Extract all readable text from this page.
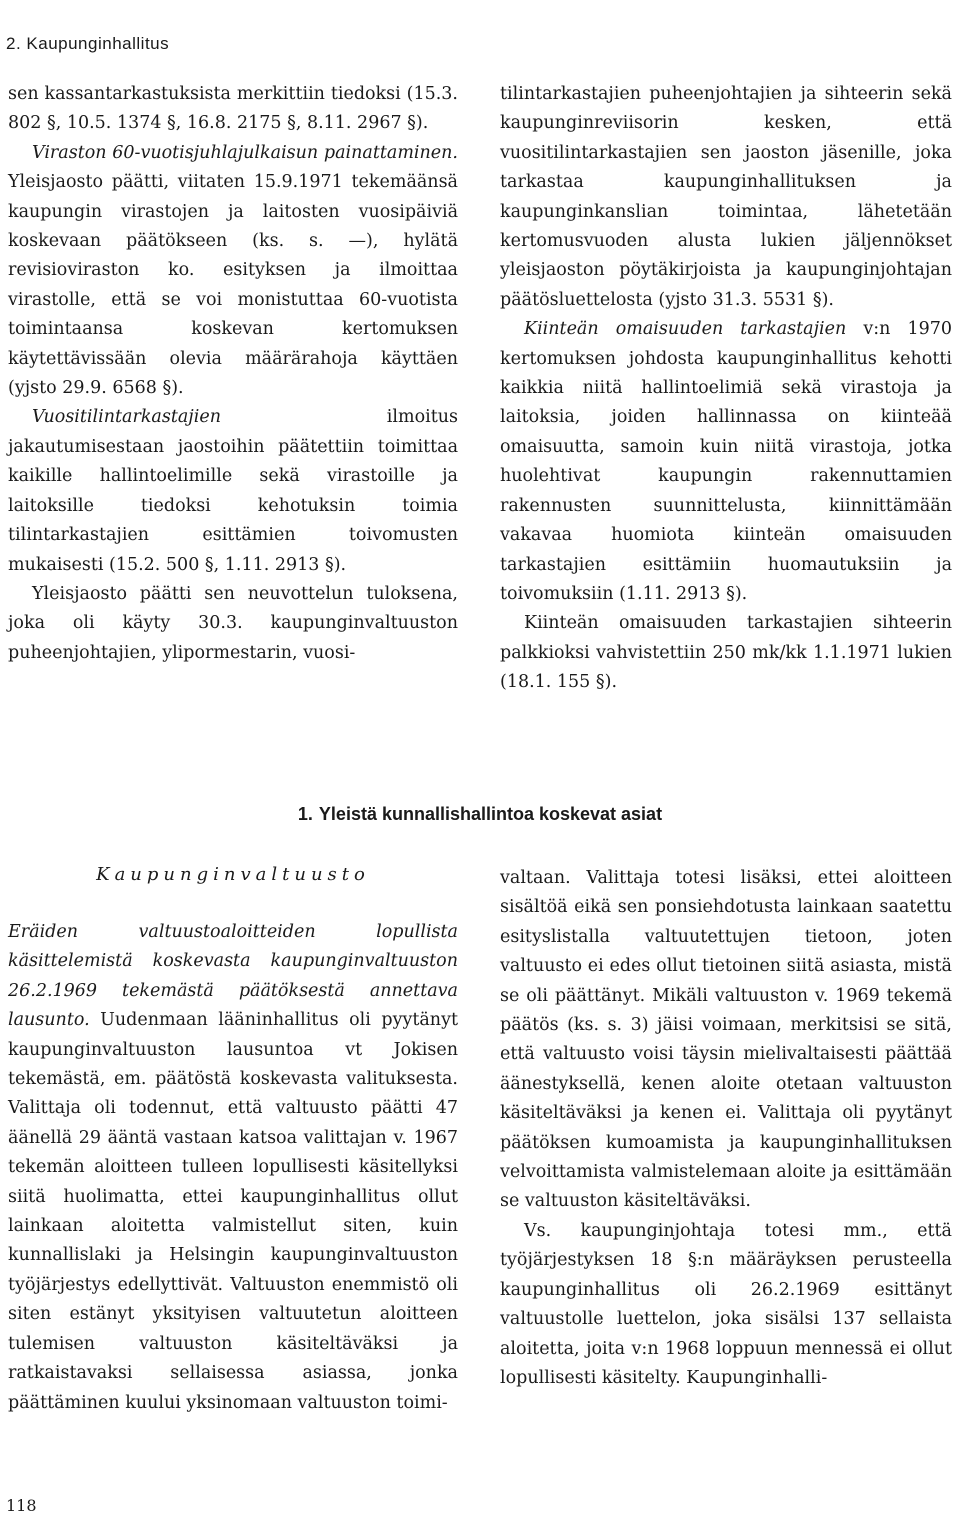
2. Kaupunginhallitus

sen kassantarkastuksista merkittiin tiedoksi (15.3. 802 §, 10.5. 1374 §, 16.8. 2175 §, 8.11. 2967 §).

Viraston 60-vuotisjuhlajulkaisun painattaminen. Yleisjaosto päätti, viitaten 15.9.1971 tekemäänsä kaupungin virastojen ja laitosten vuosipäiviä koskevaan päätökseen (ks. s. —), hylätä revisioviraston ko. esityksen ja ilmoittaa virastolle, että se voi monistuttaa 60-vuotista toimintaansa koskevan kertomuksen käytettävissään olevia määrärahoja käyttäen (yjsto 29.9. 6568 §).

Vuositilintarkastajien ilmoitus jakautumisestaan jaostoihin päätettiin toimittaa kaikille hallintoelimille sekä virastoille ja laitoksille tiedoksi kehotuksin toimia tilintarkastajien esittämien toivomusten mukaisesti (15.2. 500 §, 1.11. 2913 §).

Yleisjaosto päätti sen neuvottelun tuloksena, joka oli käyty 30.3. kaupunginvaltuuston puheenjohtajien, ylipormestarin, vuosi-

tilintarkastajien puheenjohtajien ja sihteerin sekä kaupunginreviisorin kesken, että vuositilintarkastajien sen jaoston jäsenille, joka tarkastaa kaupunginhallituksen ja kaupunginkanslian toimintaa, lähetetään kertomusvuoden alusta lukien jäljennökset yleisjaoston pöytäkirjoista ja kaupunginjohtajan päätösluettelosta (yjsto 31.3. 5531 §).

Kiinteän omaisuuden tarkastajien v:n 1970 kertomuksen johdosta kaupunginhallitus kehotti kaikkia niitä hallintoelimiä sekä virastoja ja laitoksia, joiden hallinnassa on kiinteää omaisuutta, samoin kuin niitä virastoja, jotka huolehtivat kaupungin rakennuttamien rakennusten suunnittelusta, kiinnittämään vakavaa huomiota kiinteän omaisuuden tarkastajien esittämiin huomautuksiin ja toivomuksiin (1.11. 2913 §).

Kiinteän omaisuuden tarkastajien sihteerin palkkioksi vahvistettiin 250 mk/kk 1.1.1971 lukien (18.1. 155 §).

1. Yleistä kunnallishallintoa koskevat asiat
Kaupunginvaltuusto

Eräiden valtuustoaloitteiden lopullista käsittelemistä koskevasta kaupunginvaltuuston 26.2.1969 tekemästä päätöksestä annettava lausunto. Uudenmaan lääninhallitus oli pyytänyt kaupunginvaltuuston lausuntoa vt Jokisen tekemästä, em. päätöstä koskevasta valituksesta. Valittaja oli todennut, että valtuusto päätti 47 äänellä 29 ääntä vastaan katsoa valittajan v. 1967 tekemän aloitteen tulleen lopullisesti käsitellyksi siitä huolimatta, ettei kaupunginhallitus ollut lainkaan aloitetta valmistellut siten, kuin kunnallislaki ja Helsingin kaupunginvaltuuston työjärjestys edellyttivät. Valtuuston enemmistö oli siten estänyt yksityisen valtuutetun aloitteen tulemisen valtuuston käsiteltäväksi ja ratkaistavaksi sellaisessa asiassa, jonka päättäminen kuului yksinomaan valtuuston toimi-

valtaan. Valittaja totesi lisäksi, ettei aloitteen sisältöä eikä sen ponsiehdotusta lainkaan saatettu esityslistalla valtuutettujen tietoon, joten valtuusto ei edes ollut tietoinen siitä asiasta, mistä se oli päättänyt. Mikäli valtuuston v. 1969 tekemä päätös (ks. s. 3) jäisi voimaan, merkitsisi se sitä, että valtuusto voisi täysin mielivaltaisesti päättää äänestyksellä, kenen aloite otetaan valtuuston käsiteltäväksi ja kenen ei. Valittaja oli pyytänyt päätöksen kumoamista ja kaupunginhallituksen velvoittamista valmistelemaan aloite ja esittämään se valtuuston käsiteltäväksi.

Vs. kaupunginjohtaja totesi mm., että työjärjestyksen 18 §:n määräyksen perusteella kaupunginhallitus oli 26.2.1969 esittänyt valtuustolle luettelon, joka sisälsi 137 sellaista aloitetta, joita v:n 1968 loppuun mennessä ei ollut lopullisesti käsitelty. Kaupunginhalli-

118
